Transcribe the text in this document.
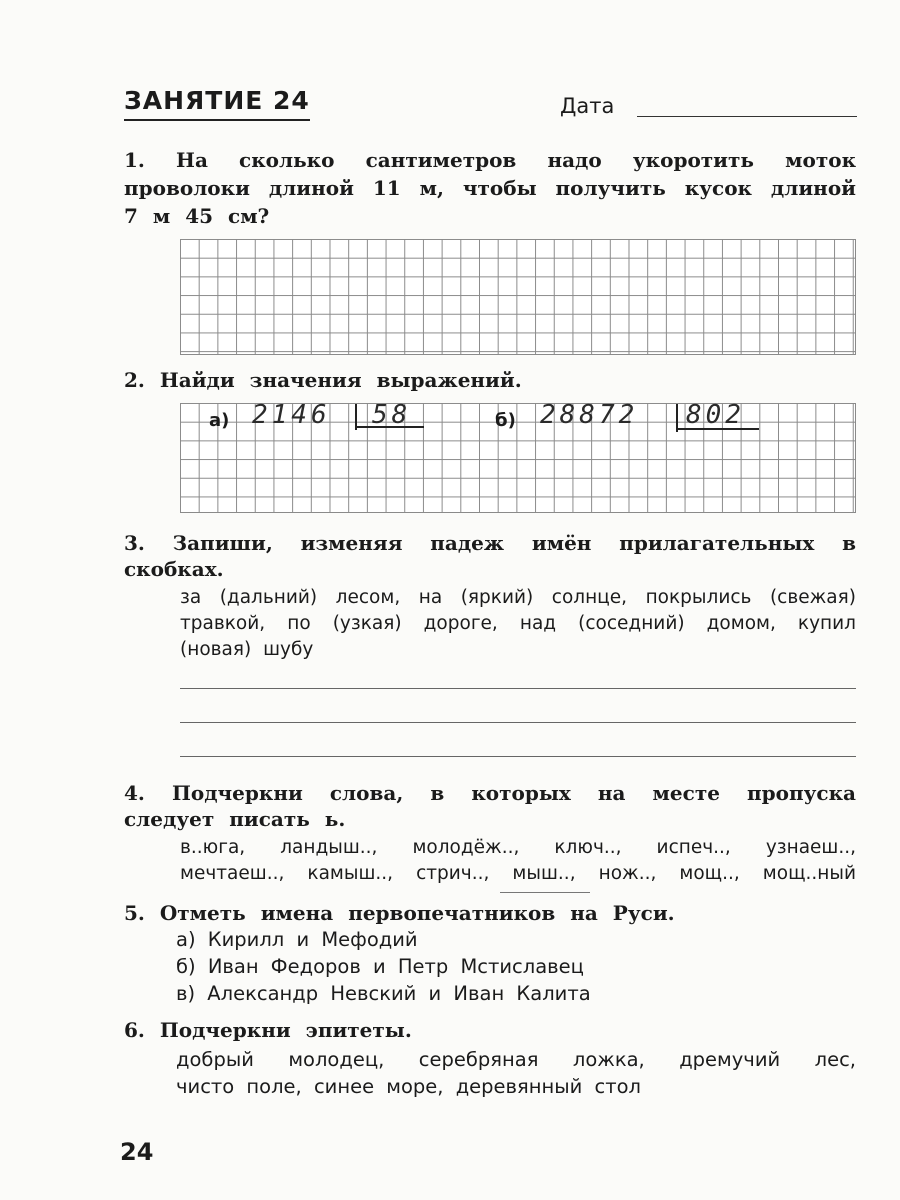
ЗАНЯТИЕ 24	Дата
1. На сколько сантиметров надо укоротить моток
проволоки длиной 11 м, чтобы получить кусок длиной
7 м 45 см?
2. Найди значения выражений.
а) 2146 58	б) 28872 802
3. Запиши, изменяя падеж имён прилагательных в
скобках.
за (дальний) лесом, на (яркий) солнце, покрылись (свежая)
травкой, по (узкая) дороге, над (соседний) домом, купил
(новая) шубу
4. Подчеркни слова, в которых на месте пропуска
следует писать ь.
в..юга, ландыш.., молодёж.., ключ.., испеч.., узнаеш..,
мечтаеш.., камыш.., стрич.., мыш.., нож.., мощ.., мощ..ный
5. Отметь имена первопечатников на Руси.
а) Кирилл и Мефодий
б) Иван Федоров и Петр Мстиславец
в) Александр Невский и Иван Калита
6. Подчеркни эпитеты.
добрый молодец, серебряная ложка, дремучий лес,
чисто поле, синее море, деревянный стол
24
